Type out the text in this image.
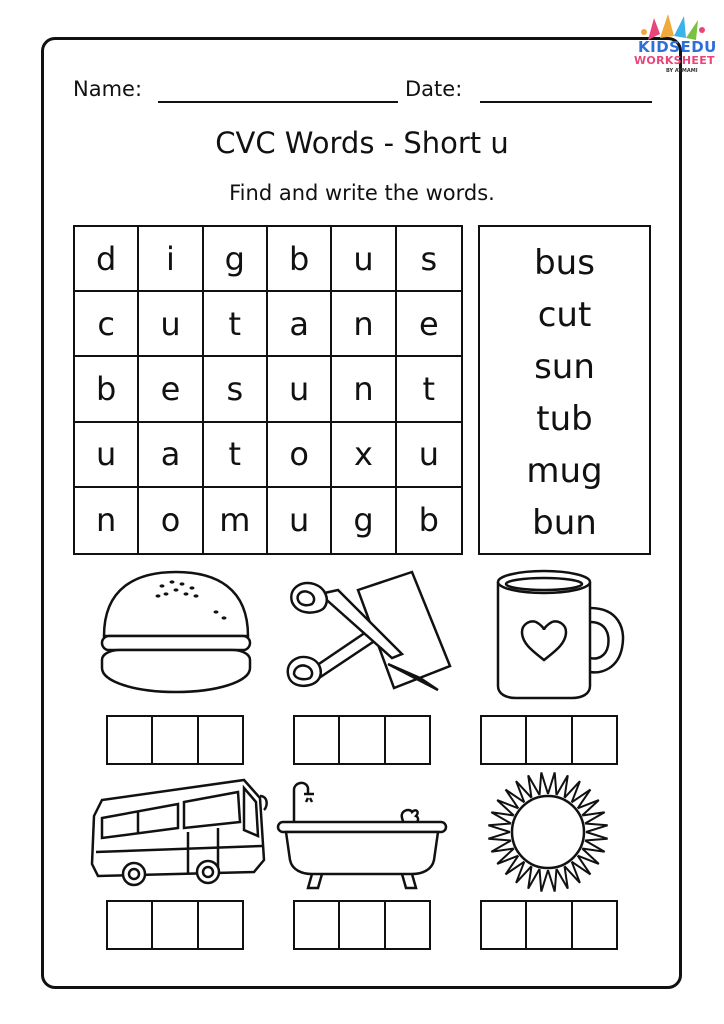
KIDSEDU
WORKSHEET
BY AYMAMI
Name:	Date:
CVC Words - Short u
Find and write the words.
d	i	g	b	u	s
c	u	t	a	n	e
b	e	s	u	n	t
u	a	t	o	x	u
n	o	m	u	g	b
bus
cut
sun
tub
mug
bun
